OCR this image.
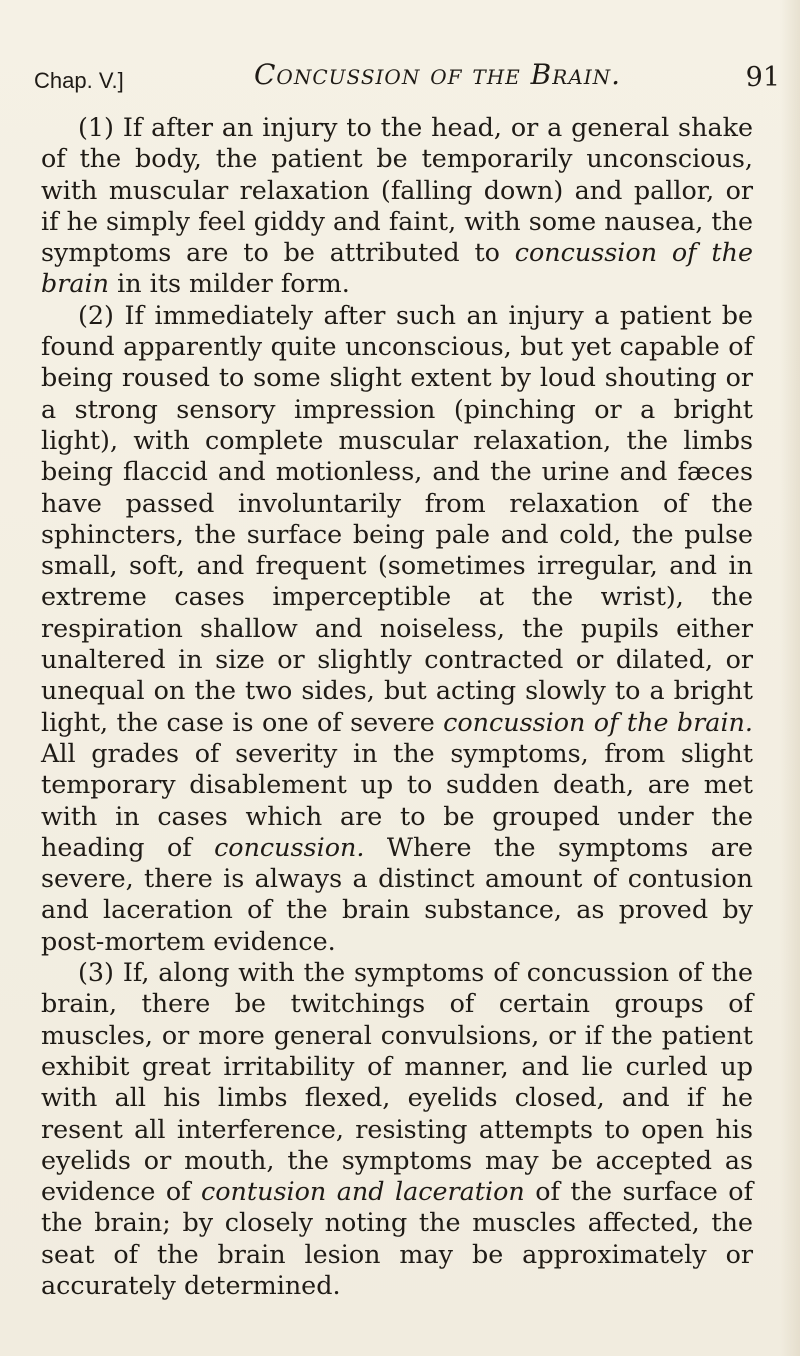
Chap. V.]	Concussion of the Brain.	91

(1) If after an injury to the head, or a general shake of the body, the patient be temporarily unconscious, with muscular relaxation (falling down) and pallor, or if he simply feel giddy and faint, with some nausea, the symptoms are to be attributed to concussion of the brain in its milder form.

(2) If immediately after such an injury a patient be found apparently quite unconscious, but yet capable of being roused to some slight extent by loud shouting or a strong sensory impression (pinching or a bright light), with complete muscular relaxation, the limbs being flaccid and motionless, and the urine and fæces have passed involuntarily from relaxation of the sphincters, the surface being pale and cold, the pulse small, soft, and frequent (sometimes irregular, and in extreme cases imperceptible at the wrist), the respiration shallow and noiseless, the pupils either unaltered in size or slightly contracted or dilated, or unequal on the two sides, but acting slowly to a bright light, the case is one of severe concussion of the brain. All grades of severity in the symptoms, from slight temporary disablement up to sudden death, are met with in cases which are to be grouped under the heading of concussion. Where the symptoms are severe, there is always a distinct amount of contusion and laceration of the brain substance, as proved by post-mortem evidence.

(3) If, along with the symptoms of concussion of the brain, there be twitchings of certain groups of muscles, or more general convulsions, or if the patient exhibit great irritability of manner, and lie curled up with all his limbs flexed, eyelids closed, and if he resent all interference, resisting attempts to open his eyelids or mouth, the symptoms may be accepted as evidence of contusion and laceration of the surface of the brain; by closely noting the muscles affected, the seat of the brain lesion may be approximately or accurately determined.
